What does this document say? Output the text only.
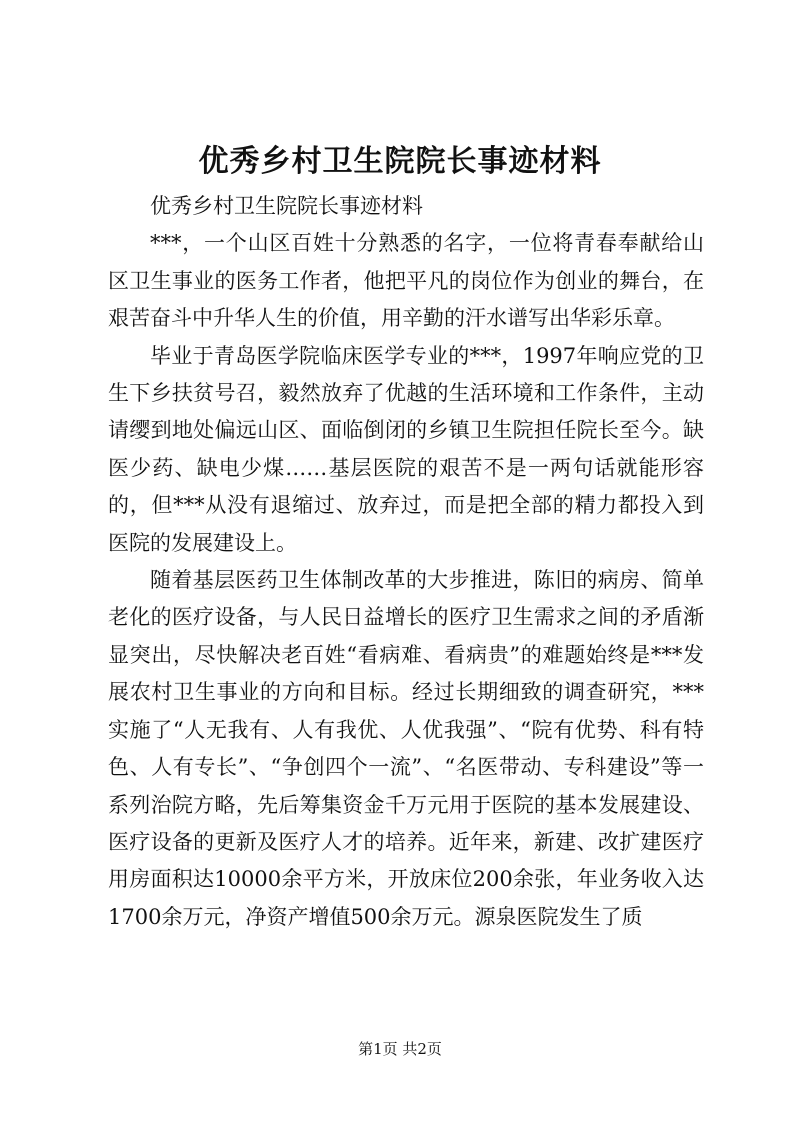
优秀乡村卫生院院长事迹材料

优秀乡村卫生院院长事迹材料

***，一个山区百姓十分熟悉的名字，一位将青春奉献给山区卫生事业的医务工作者，他把平凡的岗位作为创业的舞台，在艰苦奋斗中升华人生的价值，用辛勤的汗水谱写出华彩乐章。

毕业于青岛医学院临床医学专业的***，1997年响应党的卫生下乡扶贫号召，毅然放弃了优越的生活环境和工作条件，主动请缨到地处偏远山区、面临倒闭的乡镇卫生院担任院长至今。缺医少药、缺电少煤……基层医院的艰苦不是一两句话就能形容的，但***从没有退缩过、放弃过，而是把全部的精力都投入到医院的发展建设上。

随着基层医药卫生体制改革的大步推进，陈旧的病房、简单老化的医疗设备，与人民日益增长的医疗卫生需求之间的矛盾渐显突出，尽快解决老百姓“看病难、看病贵”的难题始终是***发展农村卫生事业的方向和目标。经过长期细致的调查研究，***实施了“人无我有、人有我优、人优我强”、“院有优势、科有特色、人有专长”、“争创四个一流”、“名医带动、专科建设”等一系列治院方略，先后筹集资金千万元用于医院的基本发展建设、医疗设备的更新及医疗人才的培养。近年来，新建、改扩建医疗用房面积达10000余平方米，开放床位200余张，年业务收入达1700余万元，净资产增值500余万元。源泉医院发生了质

第1页 共2页
